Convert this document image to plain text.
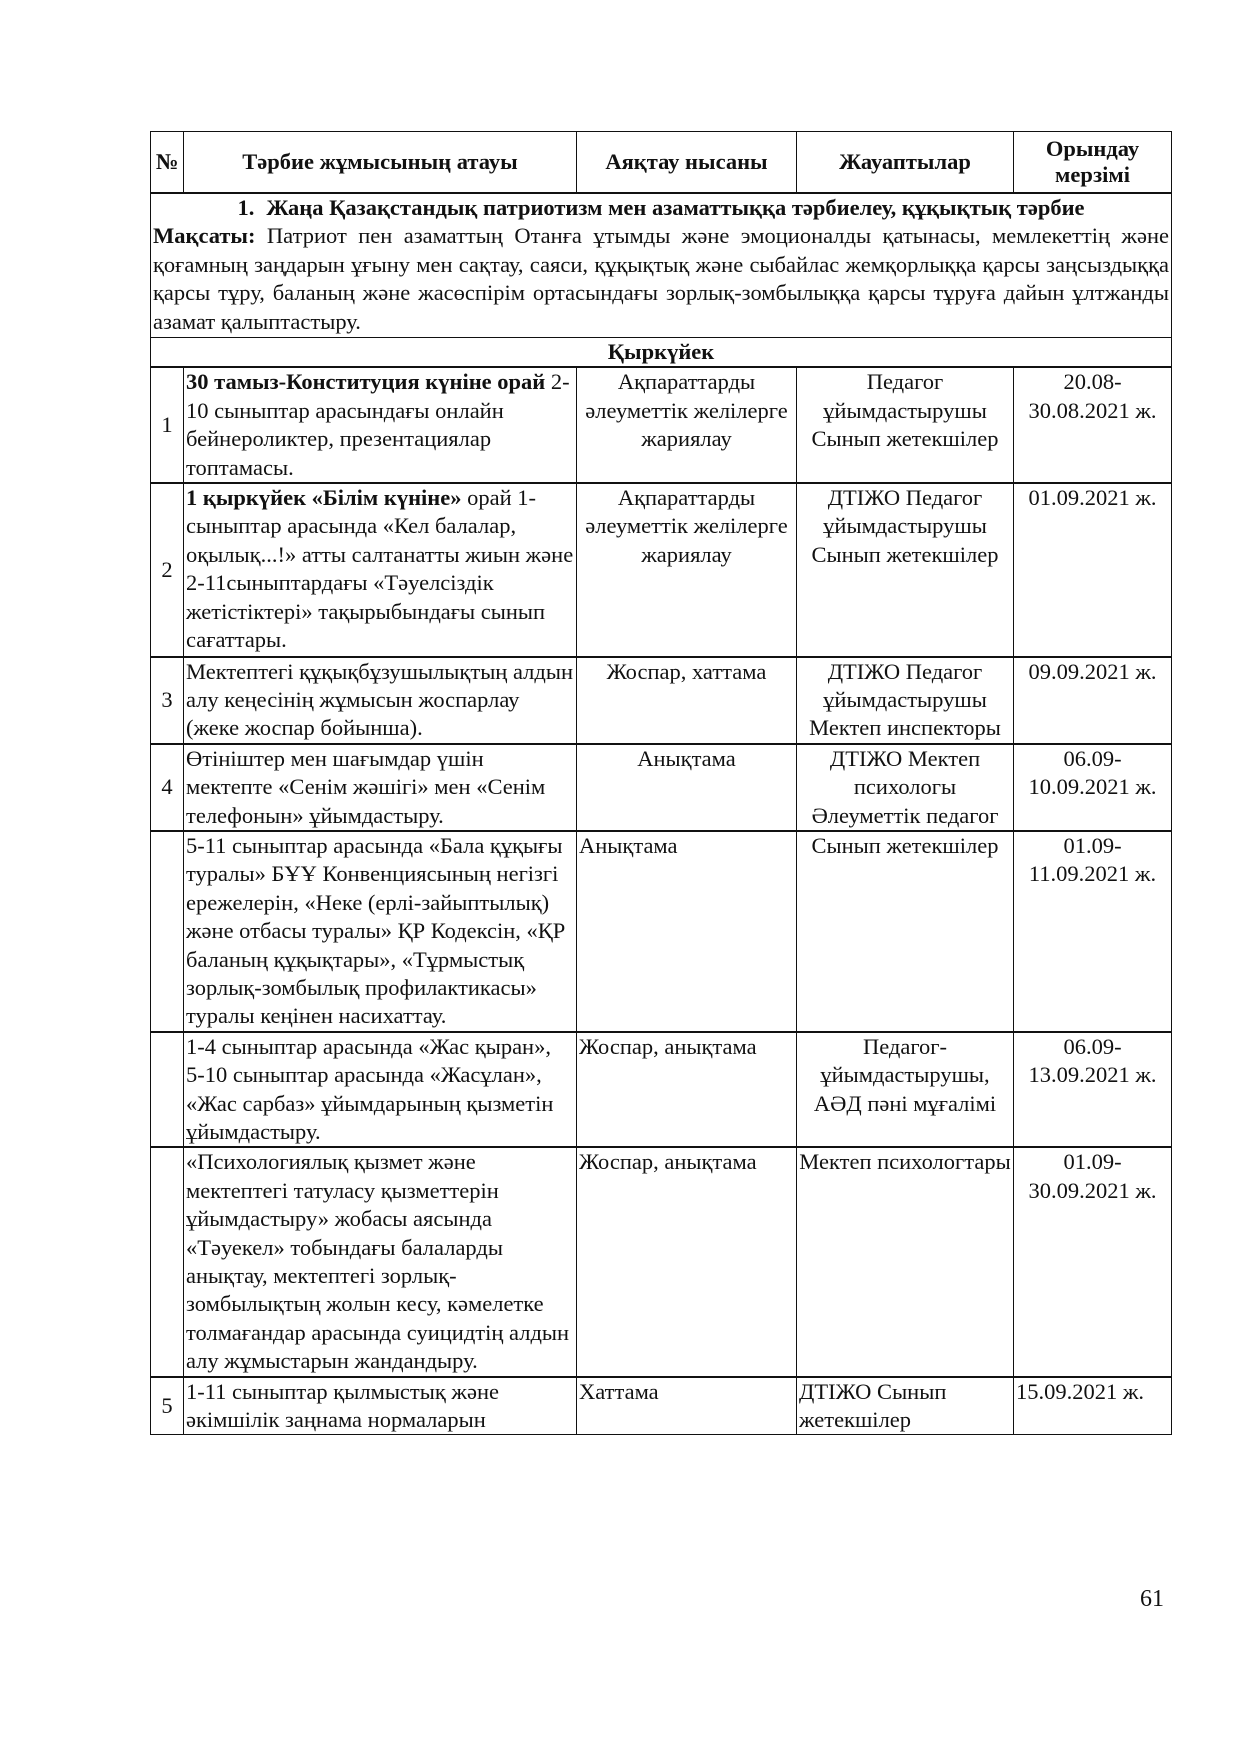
№	Тәрбие жұмысының атауы	Аяқтау нысаны	Жауаптылар	Орындау мерзімі

1. Жаңа Қазақстандық патриотизм мен азаматтыққа тәрбиелеу, құқықтық тәрбие
Мақсаты: Патриот пен азаматтың Отанға ұтымды және эмоционалды қатынасы, мемлекеттің және қоғамның заңдарын ұғыну мен сақтау, саяси, құқықтық және сыбайлас жемқорлыққа қарсы заңсыздыққа қарсы тұру, баланың және жасөспірім ортасындағы зорлық-зомбылыққа қарсы тұруға дайын ұлтжанды азамат қалыптастыру.				

Қыркүйек				
1	30 тамыз-Конституция күніне орай 2-10 сыныптар арасындағы онлайн бейнероликтер, презентациялар топтамасы.	Ақпараттарды әлеуметтік желілерге жариялау	Педагог ұйымдастырушы Сынып жетекшілер	20.08-30.08.2021 ж.
2	1 қыркүйек «Білім күніне» орай 1-сыныптар арасында «Кел балалар, оқылық...!» атты салтанатты жиын және 2-11сыныптардағы «Тәуелсіздік жетістіктері» тақырыбындағы сынып сағаттары.	Ақпараттарды әлеуметтік желілерге жариялау	ДТІЖО Педагог ұйымдастырушы Сынып жетекшілер	01.09.2021 ж.
3	Мектептегі құқықбұзушылықтың алдын алу кеңесінің жұмысын жоспарлау (жеке жоспар бойынша).	Жоспар, хаттама	ДТІЖО Педагог ұйымдастырушы Мектеп инспекторы	09.09.2021 ж.
4	Өтініштер мен шағымдар үшін мектепте «Сенім жәшігі» мен «Сенім телефонын» ұйымдастыру.	Анықтама	ДТІЖО Мектеп психологы Әлеуметтік педагог	06.09-10.09.2021 ж.
	5-11 сыныптар арасында «Бала құқығы туралы» БҰҰ Конвенциясының негізгі ережелерін, «Неке (ерлі-зайыптылық) және отбасы туралы» ҚР Кодексін, «ҚР баланың құқықтары», «Тұрмыстық зорлық-зомбылық профилактикасы» туралы кеңінен насихаттау.	Анықтама	Сынып жетекшілер	01.09-11.09.2021 ж.
	1-4 сыныптар арасында «Жас қыран», 5-10 сыныптар арасында «Жасұлан», «Жас сарбаз» ұйымдарының қызметін ұйымдастыру.	Жоспар, анықтама	Педагог-ұйымдастырушы, АӘД пәні мұғалімі	06.09-13.09.2021 ж.
	«Психологиялық қызмет және мектептегі татуласу қызметтерін ұйымдастыру» жобасы аясында «Тәуекел» тобындағы балаларды анықтау, мектептегі зорлық-зомбылықтың жолын кесу, кәмелетке толмағандар арасында суицидтің алдын алу жұмыстарын жандандыру.	Жоспар, анықтама	Мектеп психологтары	01.09-30.09.2021 ж.
5	1-11 сыныптар қылмыстық және әкімшілік заңнама нормаларын	Хаттама	ДТІЖО Сынып жетекшілер	15.09.2021 ж.
61
